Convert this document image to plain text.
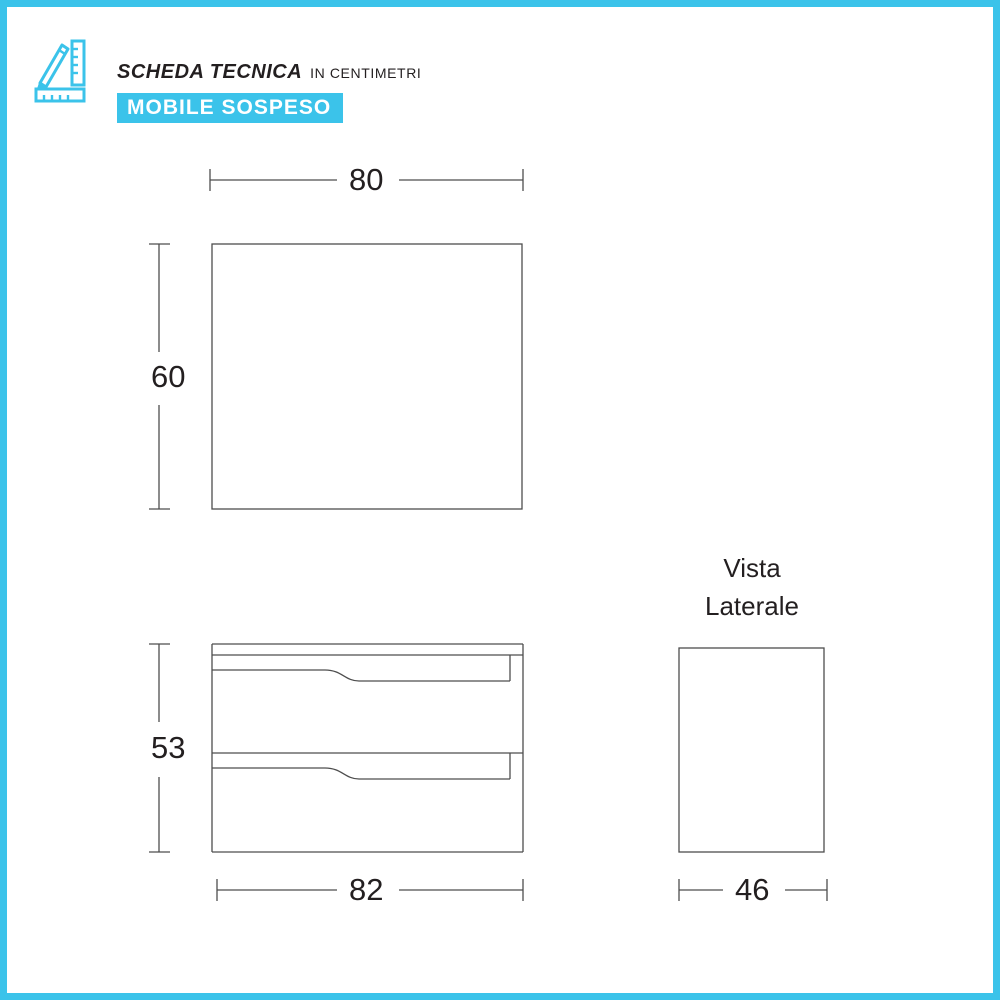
SCHEDA TECNICA IN CENTIMETRI
MOBILE SOSPESO
80
60
53
82	46
Vista
Laterale
